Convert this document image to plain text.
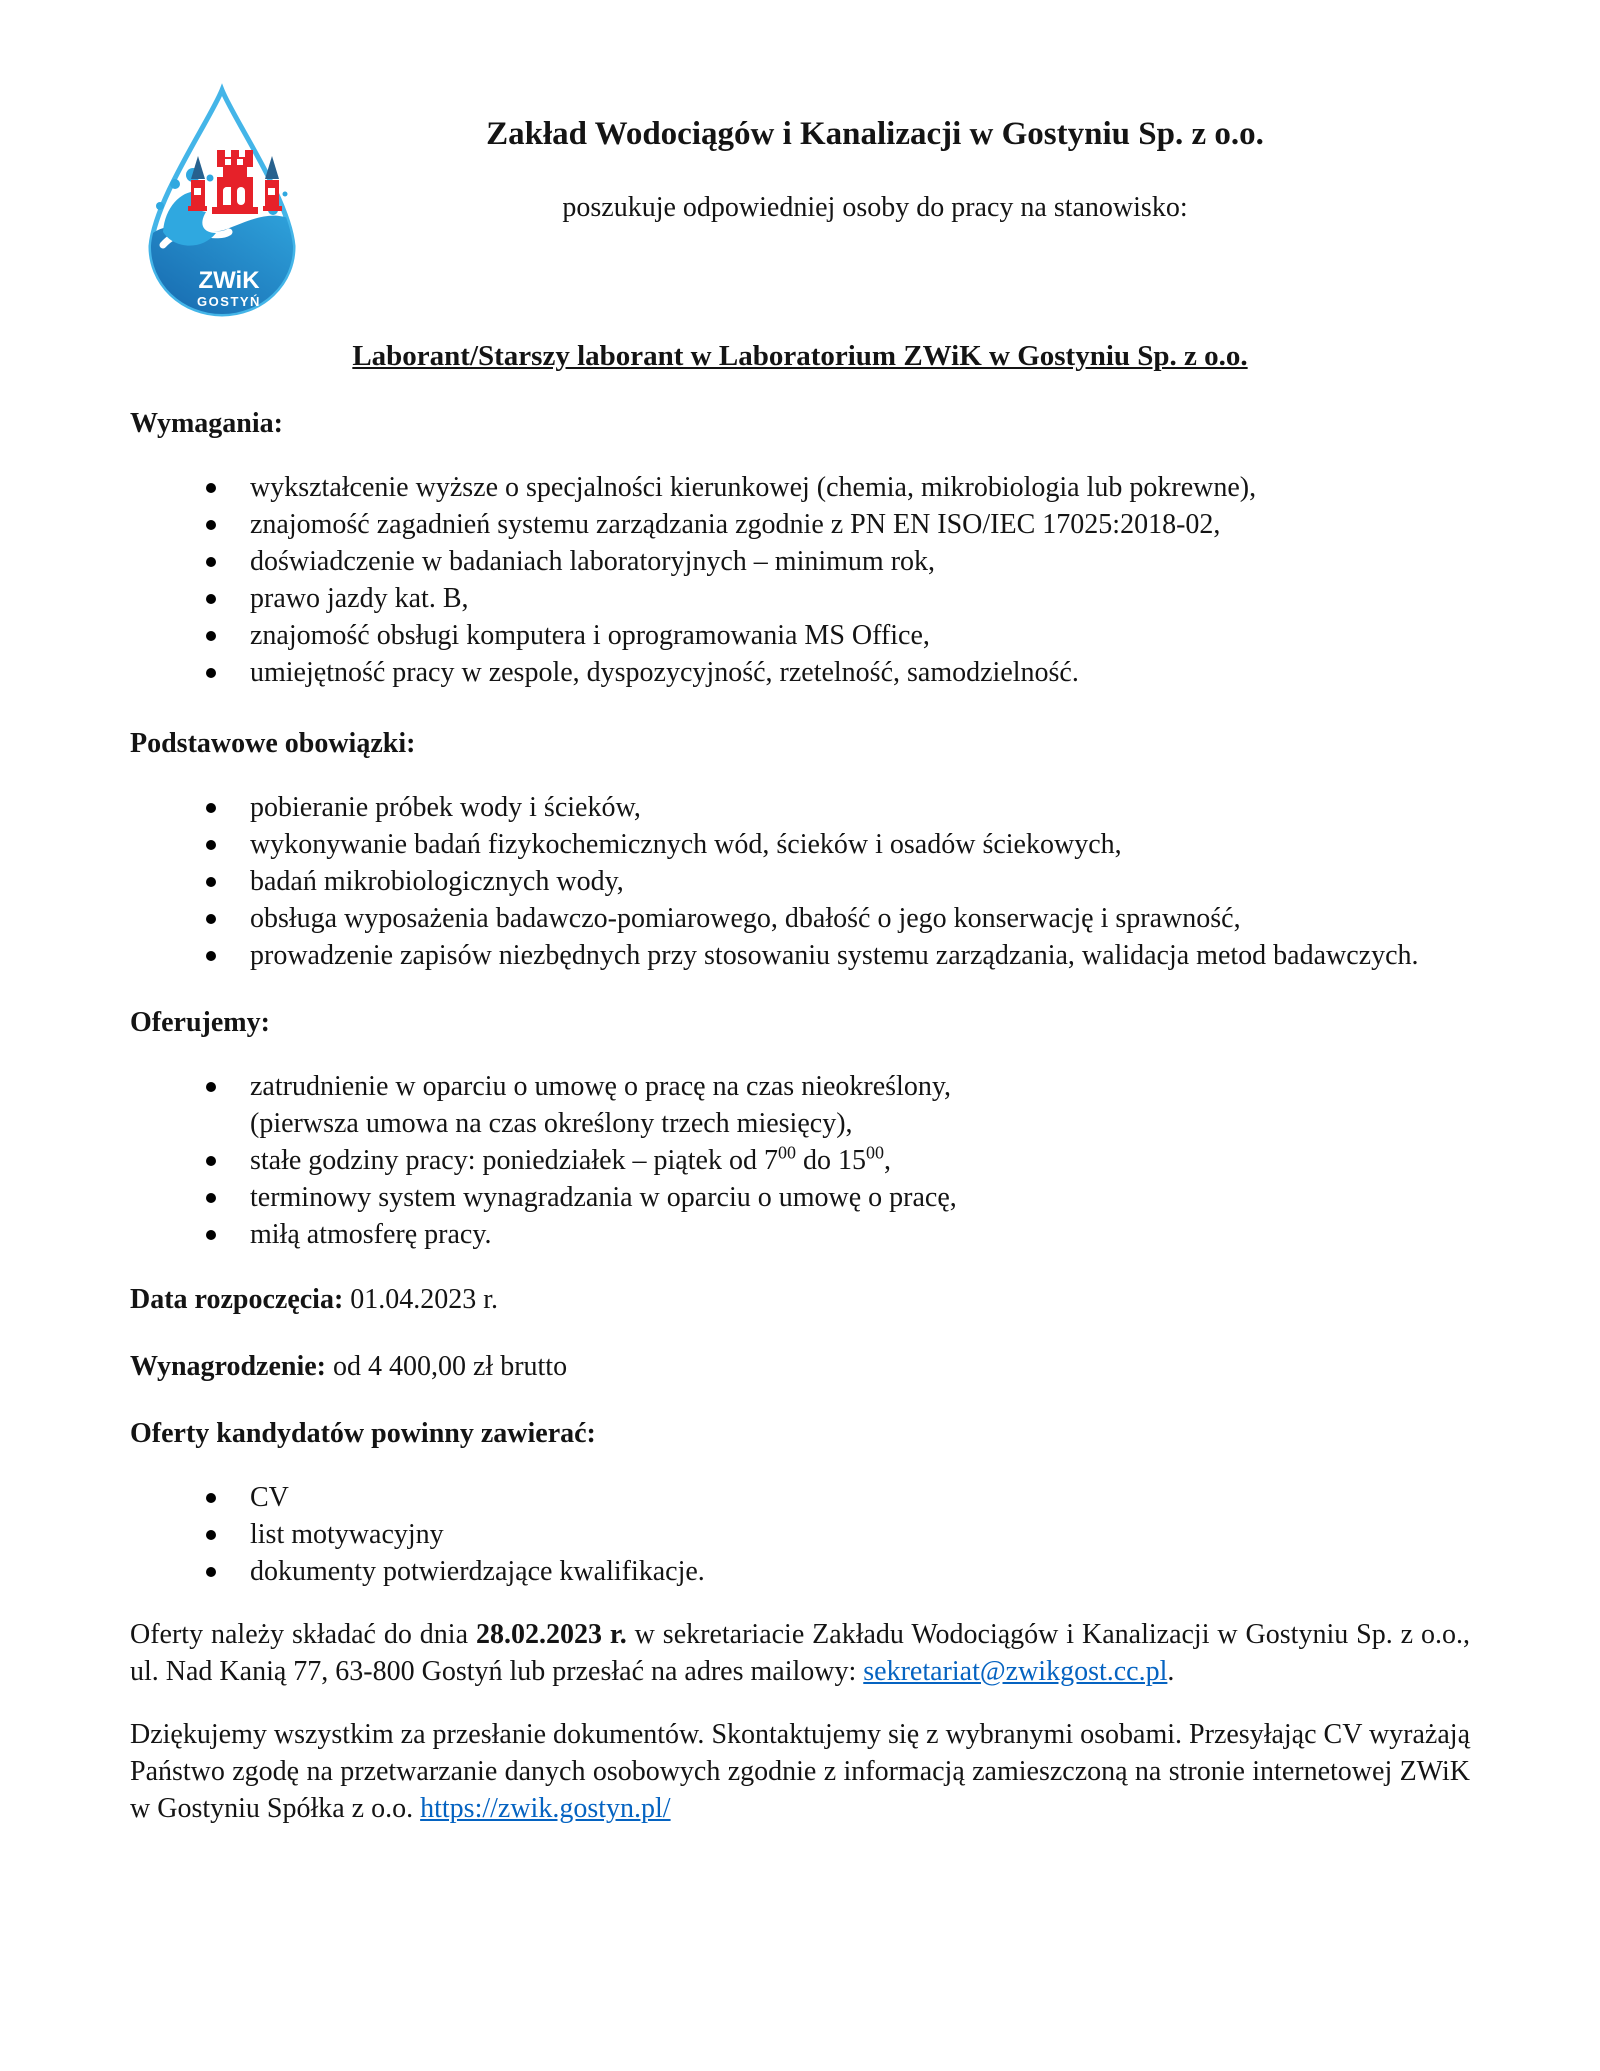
ZWiK
GOSTYŃ
Zakład Wodociągów i Kanalizacji w Gostyniu Sp. z o.o.
poszukuje odpowiedniej osoby do pracy na stanowisko:
Laborant/Starszy laborant w Laboratorium ZWiK w Gostyniu Sp. z o.o.
Wymagania:
wykształcenie wyższe o specjalności kierunkowej (chemia, mikrobiologia lub pokrewne),
znajomość zagadnień systemu zarządzania zgodnie z PN EN ISO/IEC 17025:2018-02,
doświadczenie w badaniach laboratoryjnych – minimum rok,
prawo jazdy kat. B,
znajomość obsługi komputera i oprogramowania MS Office,
umiejętność pracy w zespole, dyspozycyjność, rzetelność, samodzielność.
Podstawowe obowiązki:
pobieranie próbek wody i ścieków,
wykonywanie badań fizykochemicznych wód, ścieków i osadów ściekowych,
badań mikrobiologicznych wody,
obsługa wyposażenia badawczo-pomiarowego, dbałość o jego konserwację i sprawność,
prowadzenie zapisów niezbędnych przy stosowaniu systemu zarządzania, walidacja metod badawczych.
Oferujemy:
zatrudnienie w oparciu o umowę o pracę na czas nieokreślony,
(pierwsza umowa na czas określony trzech miesięcy),
stałe godziny pracy: poniedziałek – piątek od $7^{00}$ do $15^{00}$,
terminowy system wynagradzania w oparciu o umowę o pracę,
miłą atmosferę pracy.

Data rozpoczęcia: 01.04.2023 r.

Wynagrodzenie: od 4 400,00 zł brutto

Oferty kandydatów powinny zawierać:
CV
list motywacyjny
dokumenty potwierdzające kwalifikacje.

Oferty należy składać do dnia 28.02.2023 r. w sekretariacie Zakładu Wodociągów i Kanalizacji w Gostyniu Sp. z o.o., ul. Nad Kanią 77, 63-800 Gostyń lub przesłać na adres mailowy: sekretariat@zwikgost.cc.pl.

Dziękujemy wszystkim za przesłanie dokumentów. Skontaktujemy się z wybranymi osobami. Przesyłając CV wyrażają Państwo zgodę na przetwarzanie danych osobowych zgodnie z informacją zamieszczoną na stronie internetowej ZWiK w Gostyniu Spółka z o.o. https://zwik.gostyn.pl/
